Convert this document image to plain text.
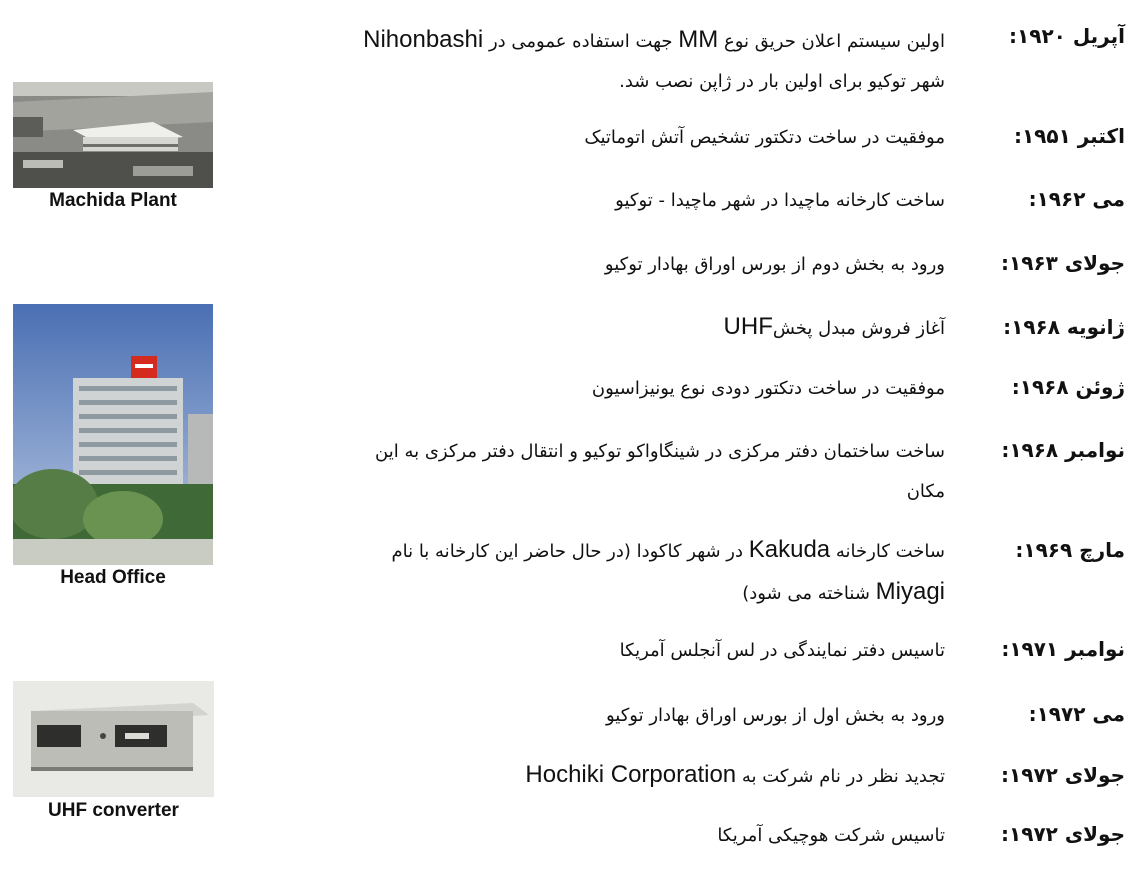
Machida Plant
Head Office
UHF converter
آپریل ۱۹۲۰:
اولین سیستم اعلان حریق نوع MM جهت استفاده عمومی در Nihonbashi شهر توکیو برای اولین بار در ژاپن نصب شد.
اکتبر ۱۹۵۱:
موفقیت در ساخت دتکتور تشخیص آتش اتوماتیک
می ۱۹۶۲:
ساخت کارخانه ماچیدا در شهر ماچیدا - توکیو
جولای ۱۹۶۳:
ورود به بخش دوم از بورس اوراق بهادار توکیو
ژانویه ۱۹۶۸:
آغاز فروش مبدل پخشUHF
ژوئن ۱۹۶۸:
موفقیت در ساخت دتکتور دودی نوع یونیزاسیون
نوامبر ۱۹۶۸:
ساخت ساختمان دفتر مرکزی در شینگاواکو توکیو و انتقال دفتر مرکزی به این مکان
مارچ ۱۹۶۹:
ساخت کارخانه Kakuda در شهر کاکودا (در حال حاضر این کارخانه با نام Miyagi شناخته می شود)
نوامبر ۱۹۷۱:
تاسیس دفتر نمایندگی در لس آنجلس آمریکا
می ۱۹۷۲:
ورود به بخش اول از بورس اوراق بهادار توکیو
جولای ۱۹۷۲:
تجدید نظر در نام شرکت به Hochiki Corporation
جولای ۱۹۷۲:
تاسیس شرکت هوچیکی آمریکا
